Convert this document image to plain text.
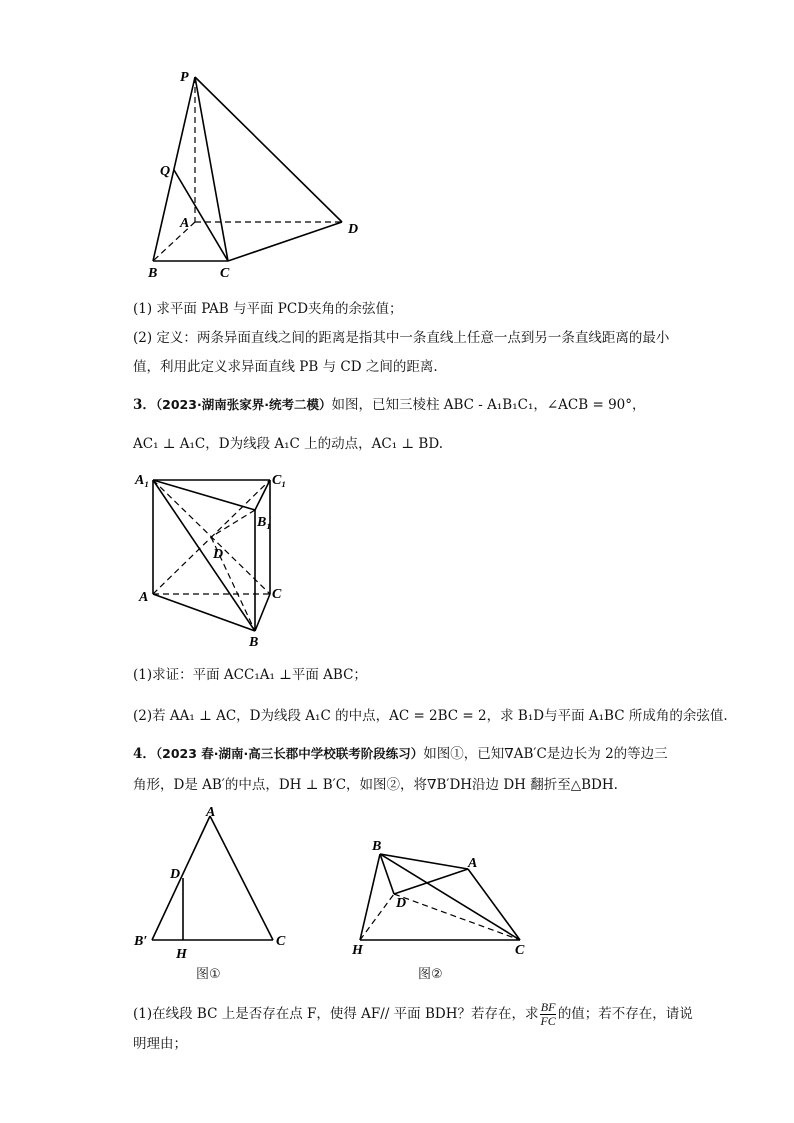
P
Q
A	D
B	C
(1) 求平面 PAB 与平面 PCD夹角的余弦值；
(2) 定义：两条异面直线之间的距离是指其中一条直线上任意一点到另一条直线距离的最小
值，利用此定义求异面直线 PB 与 CD 之间的距离.
3．（2023·湖南张家界·统考二模）如图，已知三棱柱 ABC - A₁B₁C₁，∠ACB = 90°，
AC₁ ⊥ A₁C，D为线段 A₁C 上的动点，AC₁ ⊥ BD.
A₁	C₁
B₁
D
A	C
B
(1)求证：平面 ACC₁A₁ ⊥平面 ABC；
(2)若 AA₁ ⊥ AC，D为线段 A₁C 的中点，AC = 2BC = 2，求 B₁D与平面 A₁BC 所成角的余弦值.
4．（2023 春·湖南·高三长郡中学校联考阶段练习）如图①，已知∇AB′C是边长为 2的等边三
角形，D是 AB′的中点，DH ⊥ B′C，如图②，将∇B′DH沿边 DH 翻折至△BDH.
A
D
B′
H
C
图①
B
A
D
H	C
图②
(1)在线段 BC 上是否存在点 F，使得 AF// 平面 BDH？若存在，求 $\frac{BF}{FC}$ 的值；若不存在，请说
明理由；
